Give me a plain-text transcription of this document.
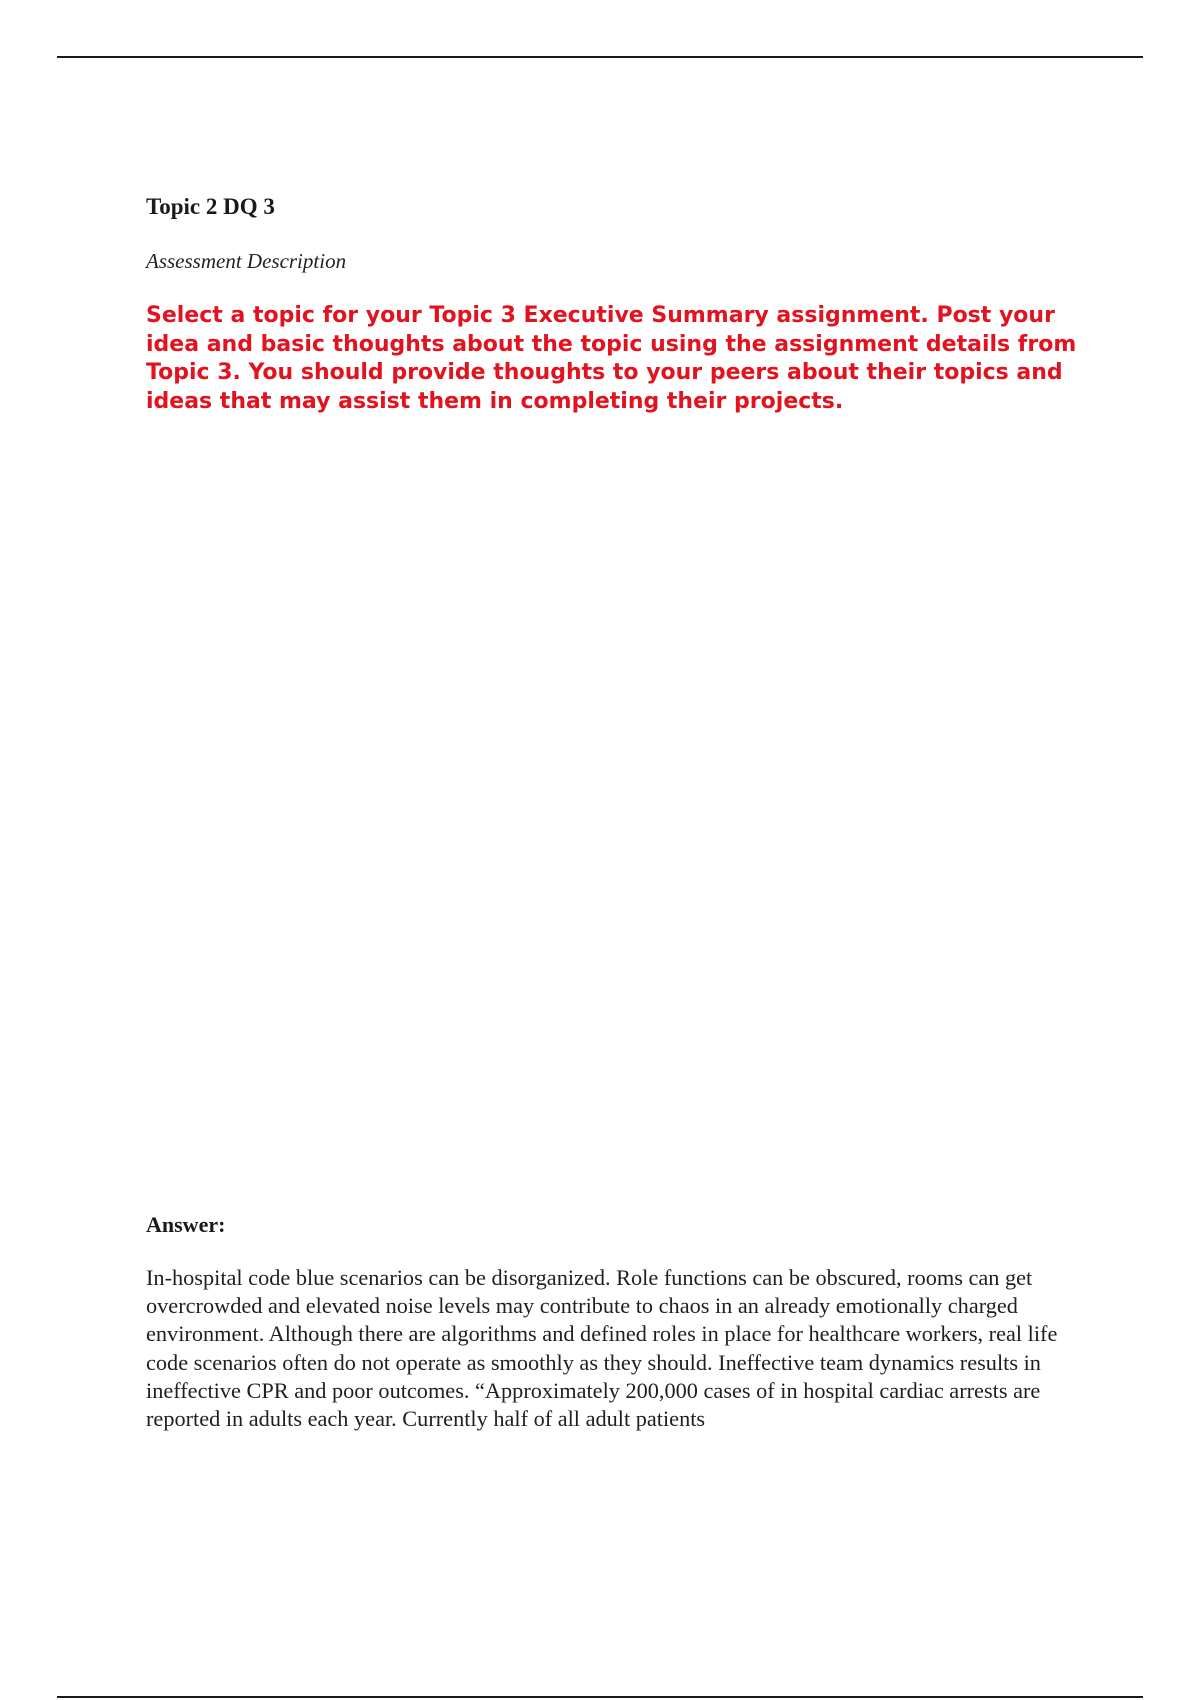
Topic 2 DQ 3

Assessment Description

Select a topic for your Topic 3 Executive Summary assignment. Post your idea and basic thoughts about the topic using the assignment details from Topic 3. You should provide thoughts to your peers about their topics and ideas that may assist them in completing their projects.

Answer:

In-hospital code blue scenarios can be disorganized. Role functions can be obscured, rooms can get overcrowded and elevated noise levels may contribute to chaos in an already emotionally charged environment. Although there are algorithms and defined roles in place for healthcare workers, real life code scenarios often do not operate as smoothly as they should. Ineffective team dynamics results in ineffective CPR and poor outcomes. “Approximately 200,000 cases of in hospital cardiac arrests are reported in adults each year. Currently half of all adult patients
